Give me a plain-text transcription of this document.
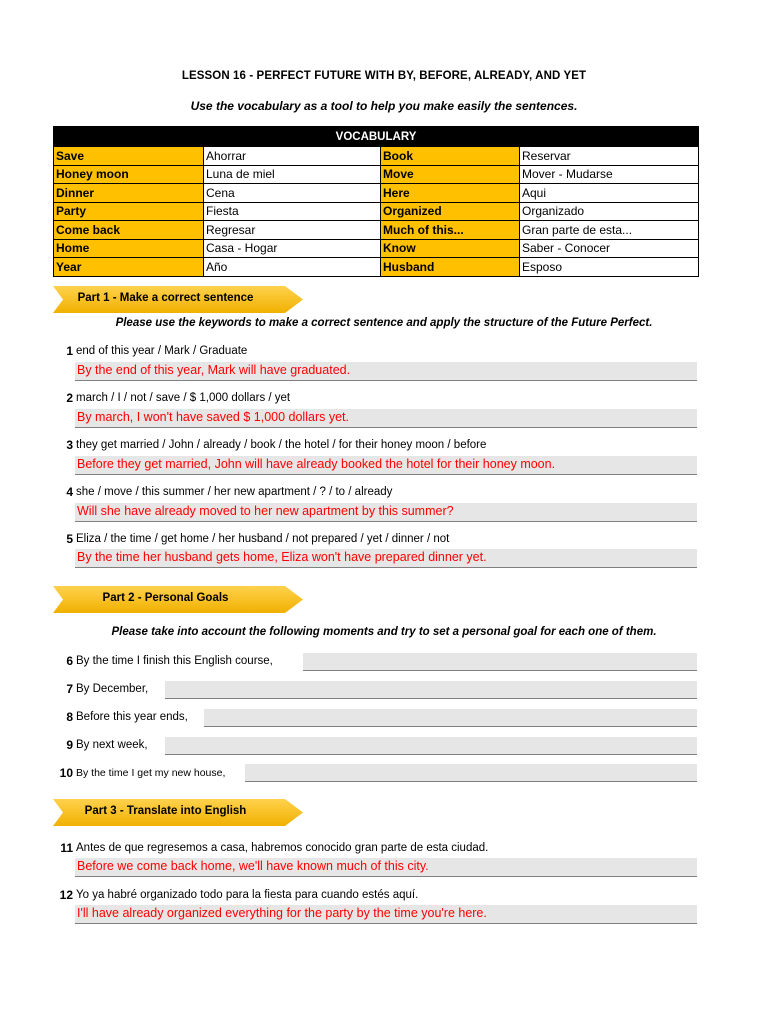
LESSON 16 - PERFECT FUTURE WITH BY, BEFORE, ALREADY, AND YET
Use the vocabulary as a tool to help you make easily the sentences.
VOCABULARY			
Save	Ahorrar	Book	Reservar
Honey moon	Luna de miel	Move	Mover - Mudarse
Dinner	Cena	Here	Aqui
Party	Fiesta	Organized	Organizado
Come back	Regresar	Much of this...	Gran parte de esta...
Home	Casa - Hogar	Know	Saber - Conocer
Year	Año	Husband	Esposo
Part 1 - Make a correct sentence
Please use the keywords to make a correct sentence and apply the structure of the Future Perfect.
1 end of this year / Mark / Graduate
By the end of this year, Mark will have graduated.
2 march / I / not / save / $ 1,000 dollars / yet
By march, I won't have saved $ 1,000 dollars yet.
3 they get married / John / already / book / the hotel / for their honey moon / before
Before they get married, John will have already booked the hotel for their honey moon.
4 she / move / this summer / her new apartment / ? / to / already
Will she have already moved to her new apartment by this summer?
5 Eliza / the time / get home / her husband / not prepared / yet / dinner / not
By the time her husband gets home, Eliza won't have prepared dinner yet.
Part 2 - Personal Goals
Please take into account the following moments and try to set a personal goal for each one of them.
6 By the time I finish this English course,
7 By December,
8 Before this year ends,
9 By next week,
10 By the time I get my new house,
Part 3 - Translate into English
11 Antes de que regresemos a casa, habremos conocido gran parte de esta ciudad.
Before we come back home, we'll have known much of this city.
12 Yo ya habré organizado todo para la fiesta para cuando estés aquí.
I'll have already organized everything for the party by the time you're here.
